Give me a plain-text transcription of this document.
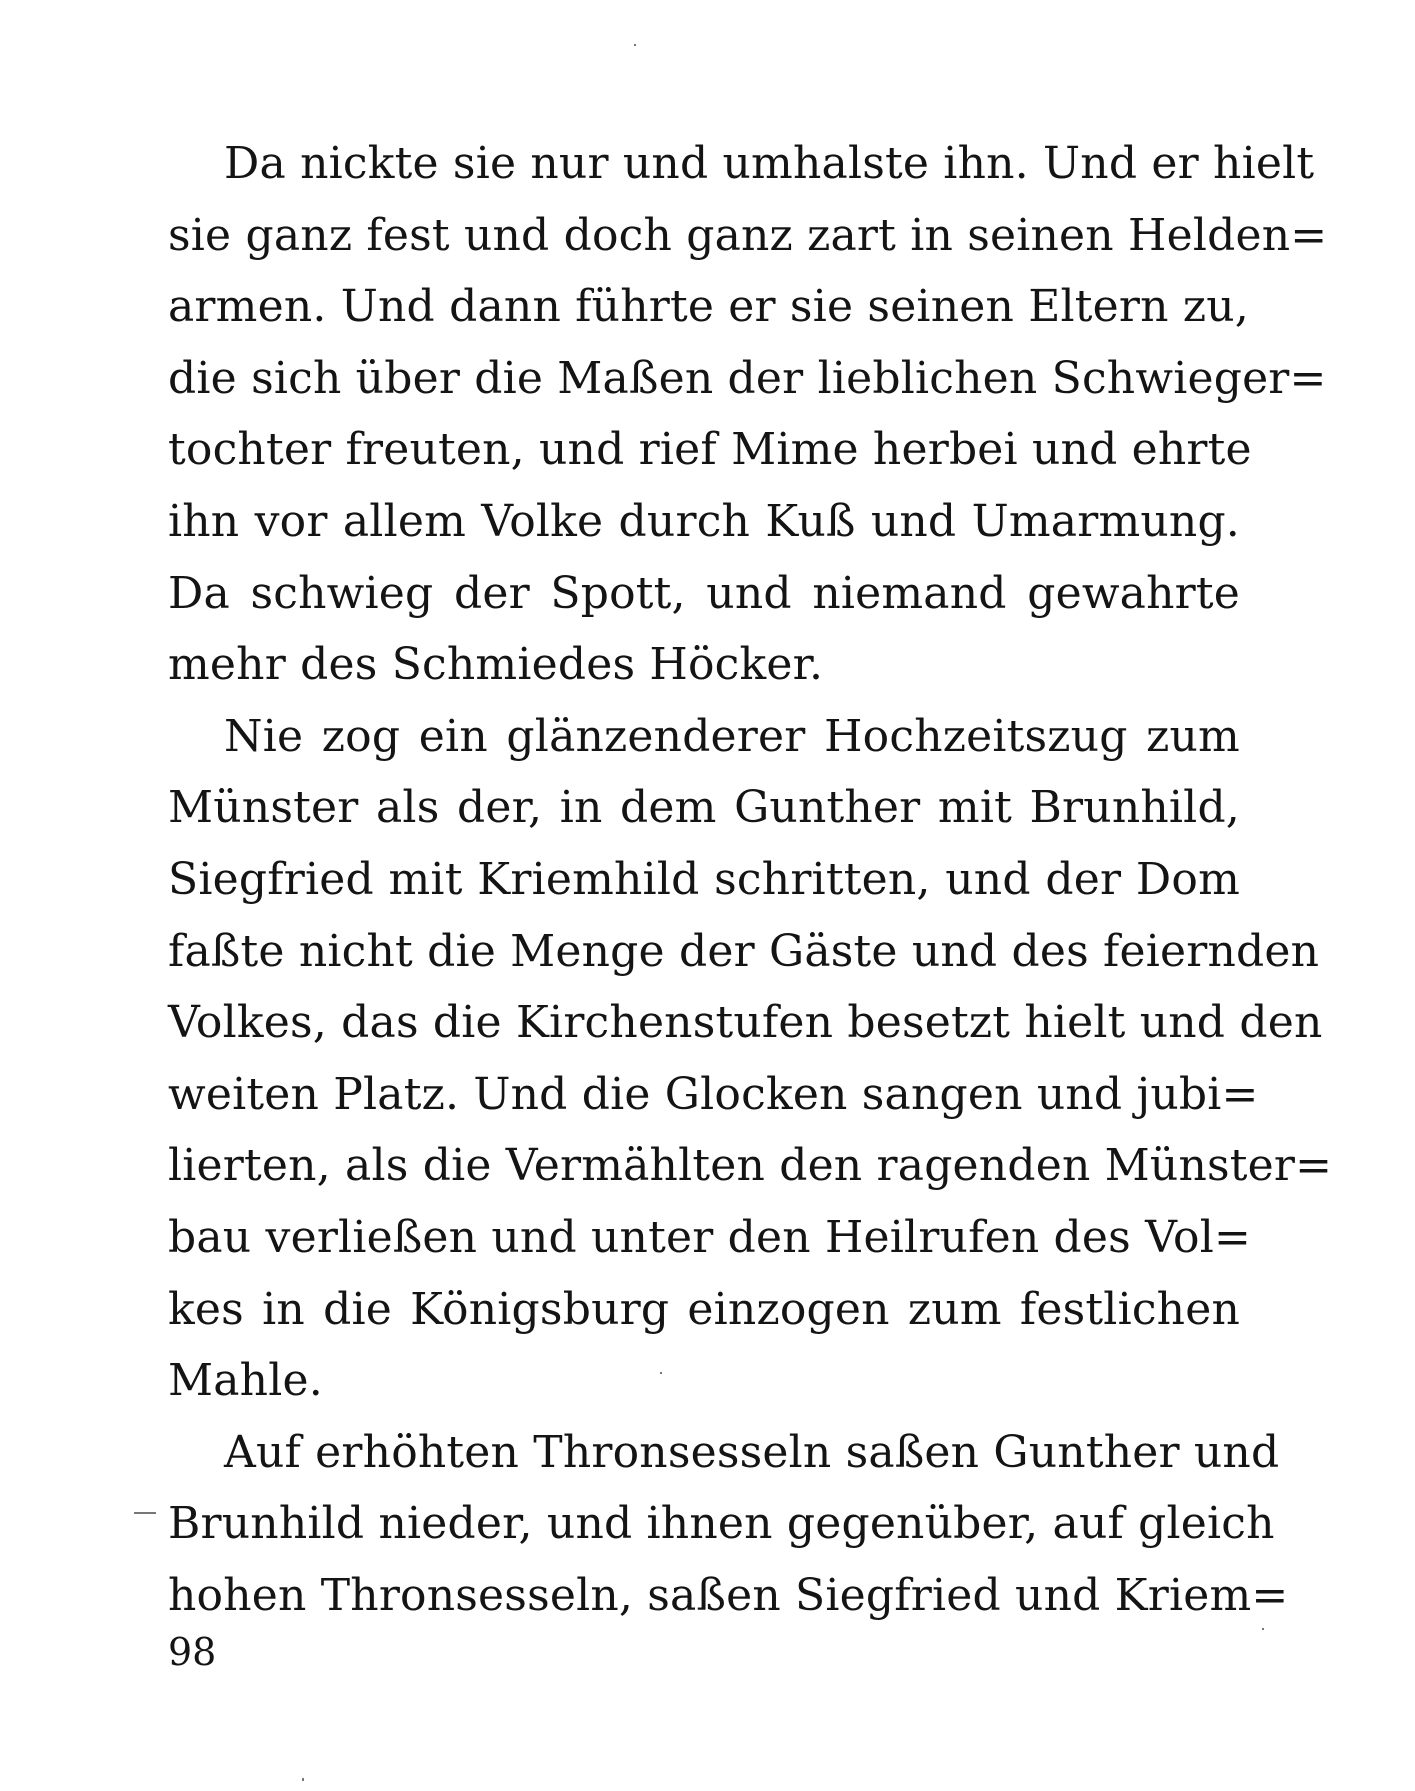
Da nickte sie nur und umhalste ihn. Und er hielt
sie ganz fest und doch ganz zart in seinen Helden=
armen. Und dann führte er sie seinen Eltern zu,
die sich über die Maßen der lieblichen Schwieger=
tochter freuten, und rief Mime herbei und ehrte
ihn vor allem Volke durch Kuß und Umarmung.
Da schwieg der Spott, und niemand gewahrte
mehr des Schmiedes Höcker.
Nie zog ein glänzenderer Hochzeitszug zum
Münster als der, in dem Gunther mit Brunhild,
Siegfried mit Kriemhild schritten, und der Dom
faßte nicht die Menge der Gäste und des feiernden
Volkes, das die Kirchenstufen besetzt hielt und den
weiten Platz. Und die Glocken sangen und jubi=
lierten, als die Vermählten den ragenden Münster=
bau verließen und unter den Heilrufen des Vol=
kes in die Königsburg einzogen zum festlichen
Mahle.
Auf erhöhten Thronsesseln saßen Gunther und
Brunhild nieder, und ihnen gegenüber, auf gleich
hohen Thronsesseln, saßen Siegfried und Kriem=
98
